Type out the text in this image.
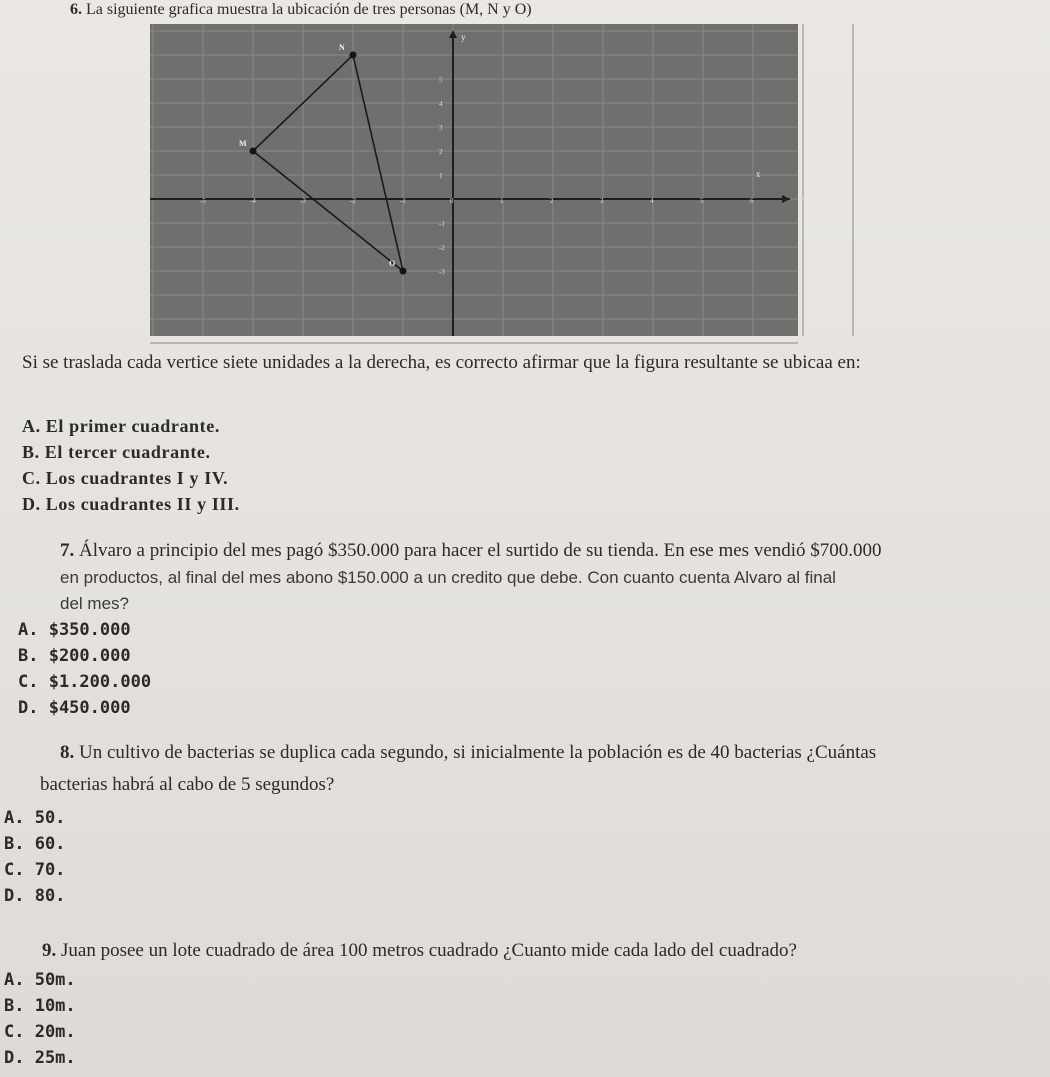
6. La siguiente grafica muestra la ubicación de tres personas (M, N y O)
y
x
-5	-4	-3	-2	-1	0	1	2	3	4	5	6	7
5
4
3
2
1
-1
-2
-3
M
N
O
Si se traslada cada vertice siete unidades a la derecha, es correcto afirmar que la figura resultante se ubicaa en:
A. El primer cuadrante.
B. El tercer cuadrante.
C. Los cuadrantes I y IV.
D. Los cuadrantes II y III.
7. Álvaro a principio del mes pagó $350.000 para hacer el surtido de su tienda. En ese mes vendió $700.000
en productos, al final del mes abono $150.000 a un credito que debe. Con cuanto cuenta Alvaro al final
del mes?
A. $350.000
B. $200.000
C. $1.200.000
D. $450.000
8. Un cultivo de bacterias se duplica cada segundo, si inicialmente la población es de 40 bacterias ¿Cuántas
bacterias habrá al cabo de 5 segundos?
A. 50.
B. 60.
C. 70.
D. 80.
9. Juan posee un lote cuadrado de área 100 metros cuadrado ¿Cuanto mide cada lado del cuadrado?
A. 50m.
B. 10m.
C. 20m.
D. 25m.
